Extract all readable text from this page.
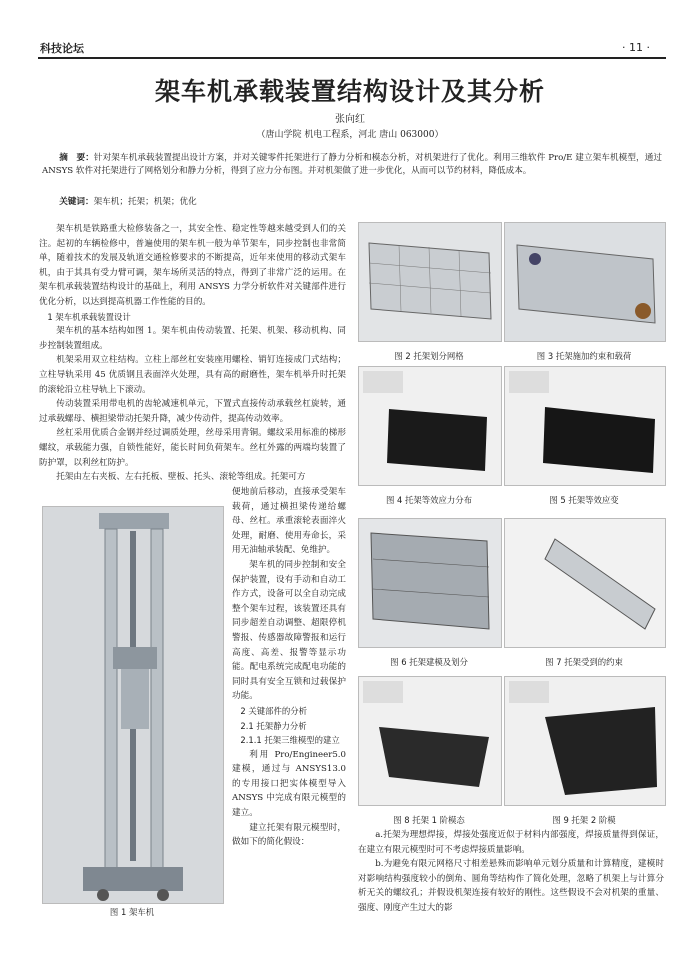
科技论坛	· 11 ·
架车机承载装置结构设计及其分析
张向红
（唐山学院 机电工程系，河北 唐山 063000）
摘　要：针对架车机承载装置提出设计方案，并对关键零件托架进行了静力分析和模态分析，对机架进行了优化。利用三维软件 Pro/E 建立架车机模型，通过 ANSYS 软件对托架进行了网格划分和静力分析，得到了应力分布图。并对机架做了进一步优化，从而可以节约材料，降低成本。
关键词：架车机；托架；机架；优化

架车机是铁路重大检修装备之一，其安全性、稳定性等越来越受到人们的关注。起初的车辆检修中，普遍使用的架车机一般为单节架车，同步控制也非常简单，随着技术的发展及轨道交通检修要求的不断提高，近年来使用的移动式架车机，由于其具有受力臂可调，架车场所灵活的特点，得到了非常广泛的运用。在架车机承载装置结构设计的基础上，利用 ANSYS 力学分析软件对关键部件进行优化分析，以达到提高机器工作性能的目的。

1 架车机承载装置设计

架车机的基本结构如图 1。架车机由传动装置、托架、机架、移动机构、同步控制装置组成。

机架采用双立柱结构。立柱上部丝杠安装座用螺栓、销钉连接成门式结构；立柱导轨采用 45 优质钢且表面淬火处理，具有高的耐磨性，架车机举升时托架的滚轮沿立柱导轨上下滚动。

传动装置采用带电机的齿轮减速机单元，下置式直接传动承载丝杠旋转，通过承载螺母、横担梁带动托架升降，减少传动件，提高传动效率。

丝杠采用优质合金钢并经过调质处理，丝母采用青铜。螺纹采用标准的梯形螺纹，承载能力强，自锁性能好，能长时间负荷架车。丝杠外露的两端均装置了防护罩，以利丝杠防护。

托架由左右夹板、左右托板、壁板、托头、滚轮等组成。托架可方

便地前后移动，直接承受架车载荷，通过横担梁传递给螺母、丝杠。承重滚轮表面淬火处理，耐磨、使用寿命长，采用无油轴承装配、免维护。

架车机的同步控制和安全保护装置，设有手动和自动工作方式，设备可以全自动完成整个架车过程，该装置还具有同步超差自动调整、超限停机警报、传感器故障警报和运行高度、高差、报警等显示功能。配电系统完成配电功能的同时具有安全互锁和过载保护功能。

2 关键部件的分析

2.1 托架静力分析

2.1.1 托架三维模型的建立

利用 Pro/Engineer5.0 建模，通过与 ANSYS13.0 的专用接口把实体模型导入 ANSYS 中完成有限元模型的建立。

建立托架有限元模型时，做如下的简化假设：

图 1 架车机
图 2 托架划分网格	图 3 托架施加约束和载荷
图 4 托架等效应力分布	图 5 托架等效应变
图 6 托架建模及划分	图 7 托架受到的约束
图 8 托架 1 阶模态	图 9 托架 2 阶模

a.托架为理想焊接，焊接处强度近似于材料内部强度，焊接质量得到保证，在建立有限元模型时可不考虑焊接质量影响。

b.为避免有限元网格尺寸相差悬殊而影响单元划分质量和计算精度，建模时对影响结构强度较小的倒角、圆角等结构作了简化处理，忽略了机架上与计算分析无关的螺纹孔；并假设机架连接有较好的刚性。这些假设不会对机架的重量、强度、刚度产生过大的影
